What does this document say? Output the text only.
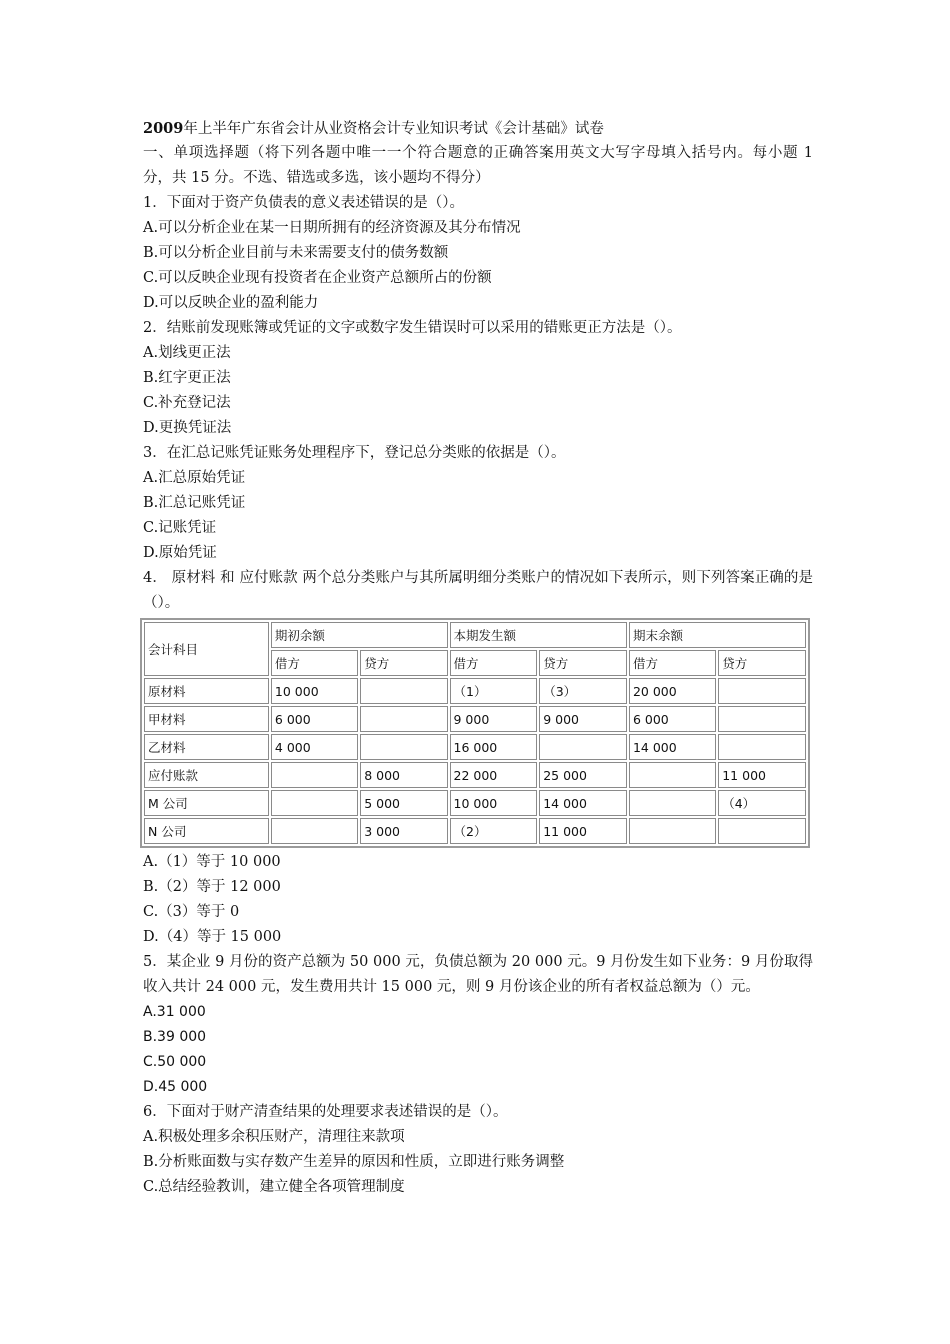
2009年上半年广东省会计从业资格会计专业知识考试《会计基础》试卷
一、单项选择题（将下列各题中唯一一个符合题意的正确答案用英文大写字母填入括号内。每小题 1 分，共 15 分。不选、错选或多选，该小题均不得分）
1．下面对于资产负债表的意义表述错误的是（）。
A.可以分析企业在某一日期所拥有的经济资源及其分布情况
B.可以分析企业目前与未来需要支付的债务数额
C.可以反映企业现有投资者在企业资产总额所占的份额
D.可以反映企业的盈利能力
2．结账前发现账簿或凭证的文字或数字发生错误时可以采用的错账更正方法是（）。
A.划线更正法
B.红字更正法
C.补充登记法
D.更换凭证法
3．在汇总记账凭证账务处理程序下，登记总分类账的依据是（）。
A.汇总原始凭证
B.汇总记账凭证
C.记账凭证
D.原始凭证
4． 原材料 和 应付账款 两个总分类账户与其所属明细分类账户的情况如下表所示，则下列答案正确的是（）。
会计科目	期初余额		本期发生额		期末余额	
	借方	贷方	借方	贷方	借方	贷方
原材料	10 000		（1）	（3）	20 000	
甲材料	6 000		9 000	9 000	6 000	
乙材料	4 000		16 000		14 000	
应付账款		8 000	22 000	25 000		11 000
M 公司		5 000	10 000	14 000		（4）
N 公司		3 000	（2）	11 000		
A.（1）等于 10 000
B.（2）等于 12 000
C.（3）等于 0
D.（4）等于 15 000
5．某企业 9 月份的资产总额为 50 000 元，负债总额为 20 000 元。9 月份发生如下业务：9 月份取得收入共计 24 000 元，发生费用共计 15 000 元，则 9 月份该企业的所有者权益总额为（）元。
A.31 000
B.39 000
C.50 000
D.45 000
6．下面对于财产清查结果的处理要求表述错误的是（）。
A.积极处理多余积压财产，清理往来款项
B.分析账面数与实存数产生差异的原因和性质，立即进行账务调整
C.总结经验教训，建立健全各项管理制度
